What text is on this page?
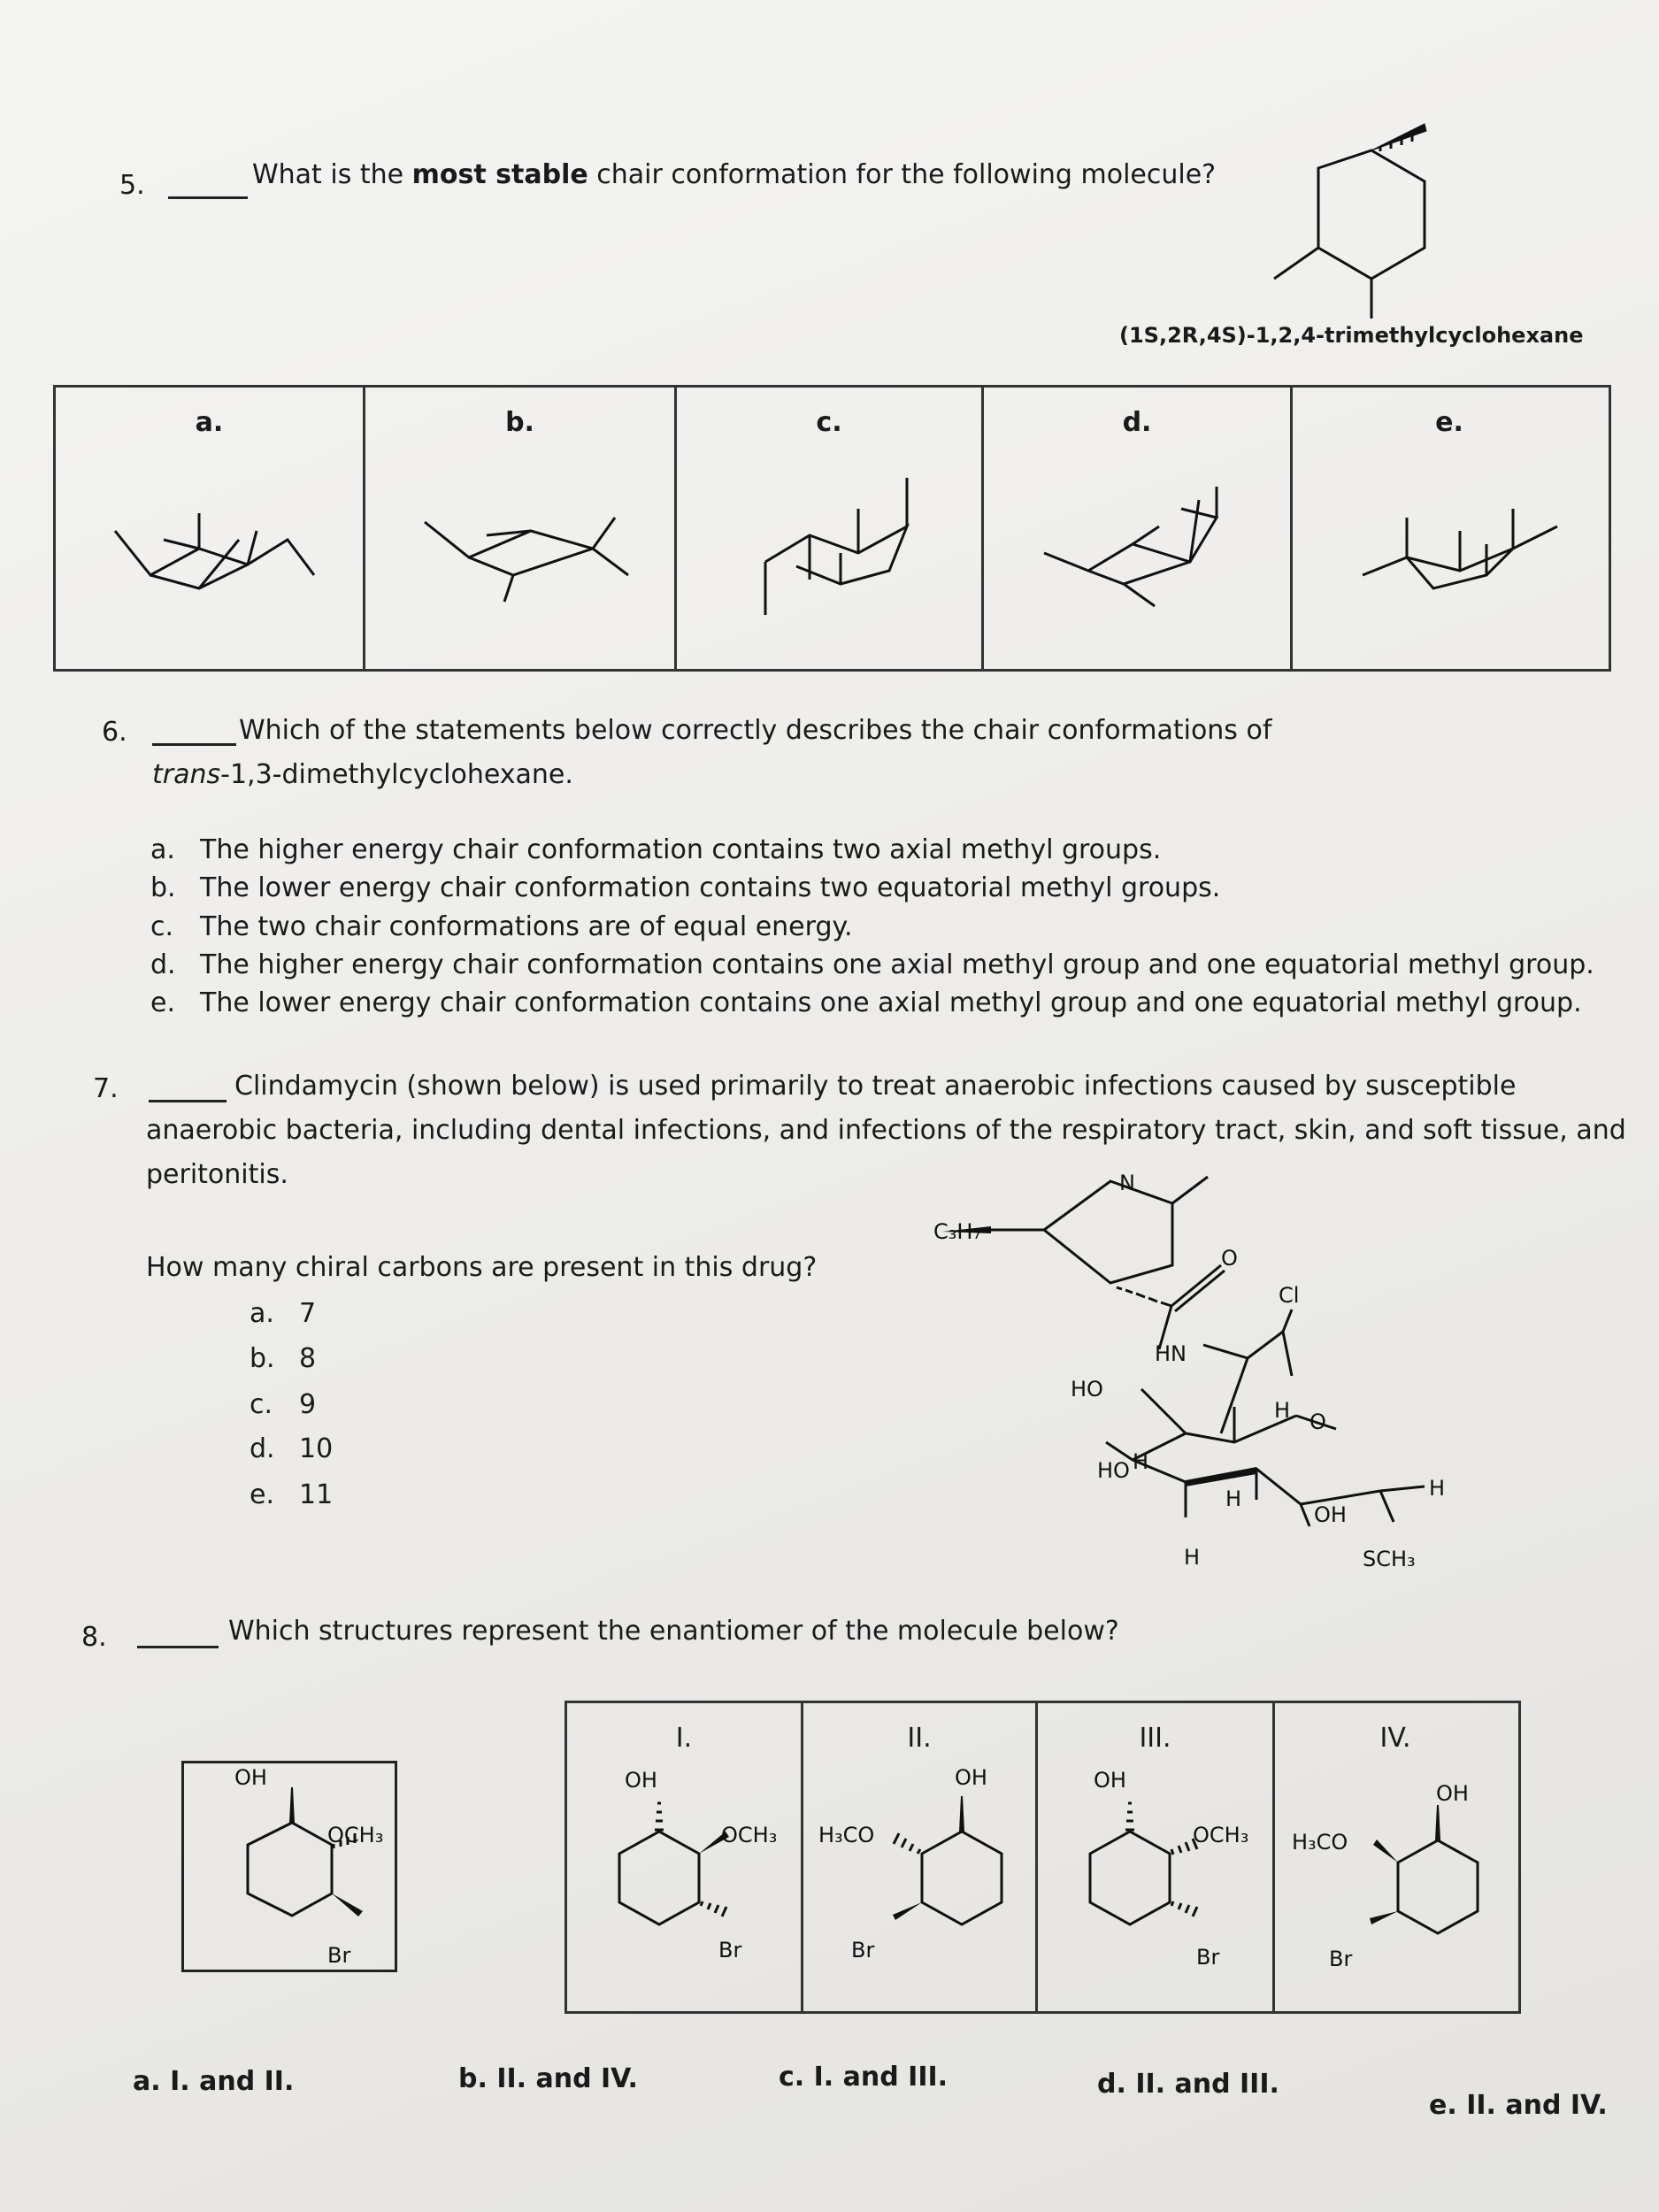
5.	What is the most stable chair conformation for the following molecule?
(1S,2R,4S)-1,2,4-trimethylcyclohexane
a.	b.	c.	d.	e.
6.	Which of the statements below correctly describes the chair conformations of
trans-1,3-dimethylcyclohexane.
a. The higher energy chair conformation contains two axial methyl groups.
b. The lower energy chair conformation contains two equatorial methyl groups.
c. The two chair conformations are of equal energy.
d. The higher energy chair conformation contains one axial methyl group and one equatorial methyl group.
e. The lower energy chair conformation contains one axial methyl group and one equatorial methyl group.
7.	Clindamycin (shown below) is used primarily to treat anaerobic infections caused by susceptible
anaerobic bacteria, including dental infections, and infections of the respiratory tract, skin, and soft tissue, and
peritonitis.
How many chiral carbons are present in this drug?
a. 7
b. 8
c. 9
d. 10
e. 11
C₃H₇
N
O
HN
Cl
HO
H O
HO H
H
H
H
OH
SCH₃
8.	Which structures represent the enantiomer of the molecule below?
OH
OCH₃
Br
I.	II.	III.	IV.
OH
OCH₃
Br
OH
H₃CO
Br
OH
OCH₃
Br
OH
H₃CO
Br
a. I. and II.	b. II. and IV.	c. I. and III.	d. II. and III.
e. II. and IV.
